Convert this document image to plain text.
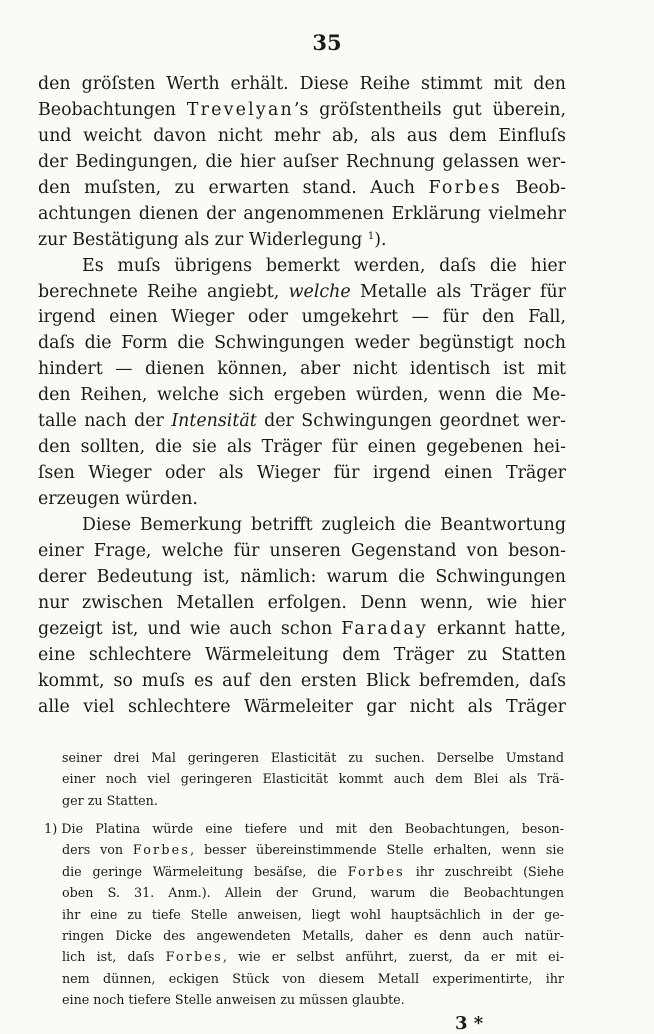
35
den gröſsten Werth erhält. Diese Reihe stimmt mit den
Beobachtungen Trevelyan’s gröſstentheils gut überein,
und weicht davon nicht mehr ab, als aus dem Einfluſs
der Bedingungen, die hier auſser Rechnung gelassen wer-
den muſsten, zu erwarten stand. Auch Forbes Beob-
achtungen dienen der angenommenen Erklärung vielmehr
zur Bestätigung als zur Widerlegung $^1$).
Es muſs übrigens bemerkt werden, daſs die hier
berechnete Reihe angiebt, welche Metalle als Träger für
irgend einen Wieger oder umgekehrt — für den Fall,
daſs die Form die Schwingungen weder begünstigt noch
hindert — dienen können, aber nicht identisch ist mit
den Reihen, welche sich ergeben würden, wenn die Me-
talle nach der Intensität der Schwingungen geordnet wer-
den sollten, die sie als Träger für einen gegebenen hei-
ſsen Wieger oder als Wieger für irgend einen Träger
erzeugen würden.
Diese Bemerkung betrifft zugleich die Beantwortung
einer Frage, welche für unseren Gegenstand von beson-
derer Bedeutung ist, nämlich: warum die Schwingungen
nur zwischen Metallen erfolgen. Denn wenn, wie hier
gezeigt ist, und wie auch schon Faraday erkannt hatte,
eine schlechtere Wärmeleitung dem Träger zu Statten
kommt, so muſs es auf den ersten Blick befremden, daſs
alle viel schlechtere Wärmeleiter gar nicht als Träger
seiner drei Mal geringeren Elasticität zu suchen. Derselbe Umstand
einer noch viel geringeren Elasticität kommt auch dem Blei als Trä-
ger zu Statten.
1) Die Platina würde eine tiefere und mit den Beobachtungen, beson-
ders von Forbes, besser übereinstimmende Stelle erhalten, wenn sie
die geringe Wärmeleitung besäſse, die Forbes ihr zuschreibt (Siehe
oben S. 31. Anm.). Allein der Grund, warum die Beobachtungen
ihr eine zu tiefe Stelle anweisen, liegt wohl hauptsächlich in der ge-
ringen Dicke des angewendeten Metalls, daher es denn auch natür-
lich ist, daſs Forbes, wie er selbst anführt, zuerst, da er mit ei-
nem dünnen, eckigen Stück von diesem Metall experimentirte, ihr
eine noch tiefere Stelle anweisen zu müssen glaubte.
3 *
